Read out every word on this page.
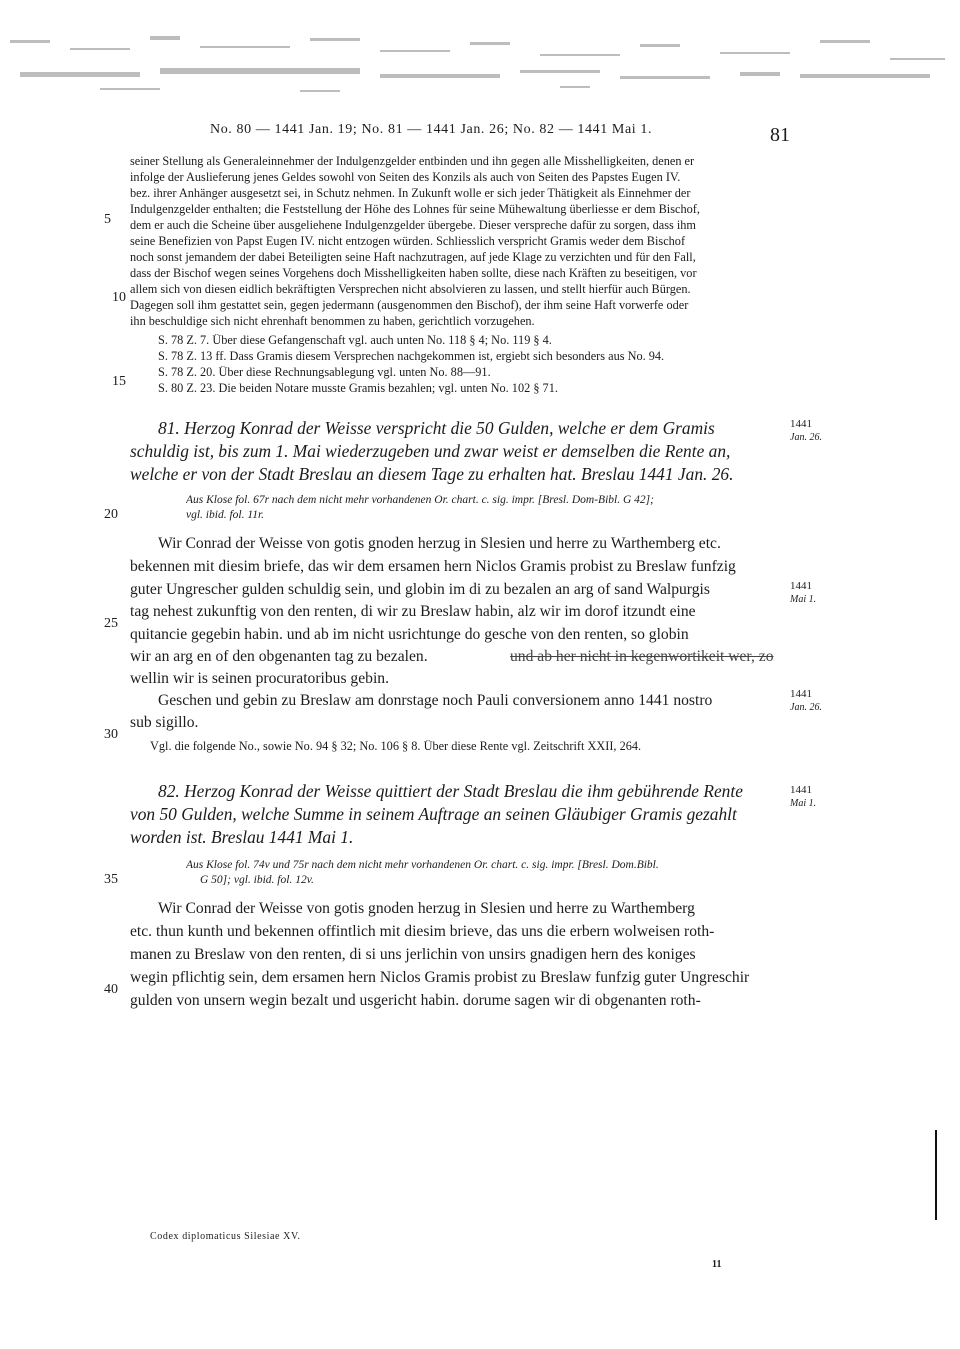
No. 80 — 1441 Jan. 19; No. 81 — 1441 Jan. 26; No. 82 — 1441 Mai 1.	81
seiner Stellung als Generaleinnehmer der Indulgenzgelder entbinden und ihn gegen alle Misshelligkeiten, denen er
infolge der Auslieferung jenes Geldes sowohl von Seiten des Konzils als auch von Seiten des Papstes Eugen IV.
bez. ihrer Anhänger ausgesetzt sei, in Schutz nehmen. In Zukunft wolle er sich jeder Thätigkeit als Einnehmer der
Indulgenzgelder enthalten; die Feststellung der Höhe des Lohnes für seine Mühewaltung überliesse er dem Bischof,
dem er auch die Scheine über ausgeliehene Indulgenzgelder übergebe. Dieser verspreche dafür zu sorgen, dass ihm
seine Benefizien von Papst Eugen IV. nicht entzogen würden. Schliesslich verspricht Gramis weder dem Bischof
noch sonst jemandem der dabei Beteiligten seine Haft nachzutragen, auf jede Klage zu verzichten und für den Fall,
dass der Bischof wegen seines Vorgehens doch Misshelligkeiten haben sollte, diese nach Kräften zu beseitigen, vor
allem sich von diesen eidlich bekräftigten Versprechen nicht absolvieren zu lassen, und stellt hierfür auch Bürgen.
Dagegen soll ihm gestattet sein, gegen jedermann (ausgenommen den Bischof), der ihm seine Haft vorwerfe oder
ihn beschuldige sich nicht ehrenhaft benommen zu haben, gerichtlich vorzugehen.
S. 78 Z. 7. Über diese Gefangenschaft vgl. auch unten No. 118 § 4; No. 119 § 4.
S. 78 Z. 13 ff. Dass Gramis diesem Versprechen nachgekommen ist, ergiebt sich besonders aus No. 94.
S. 78 Z. 20. Über diese Rechnungsablegung vgl. unten No. 88—91.
S. 80 Z. 23. Die beiden Notare musste Gramis bezahlen; vgl. unten No. 102 § 71.
81. Herzog Konrad der Weisse verspricht die 50 Gulden, welche er dem Gramis
schuldig ist, bis zum 1. Mai wiederzugeben und zwar weist er demselben die Rente an,
welche er von der Stadt Breslau an diesem Tage zu erhalten hat. Breslau 1441 Jan. 26.
Aus Klose fol. 67r nach dem nicht mehr vorhandenen Or. chart. c. sig. impr. [Bresl. Dom-Bibl. G 42];
vgl. ibid. fol. 11r.
Wir Conrad der Weisse von gotis gnoden herzug in Slesien und herre zu Warthemberg etc.
bekennen mit diesim briefe, das wir dem ersamen hern Niclos Gramis probist zu Breslaw funfzig
guter Ungrescher gulden schuldig sein, und globin im di zu bezalen an arg of sand Walpurgis
tag nehest zukunftig von den renten, di wir zu Breslaw habin, alz wir im dorof itzundt eine
quitancie gegebin habin. und ab im nicht usrichtunge do gesche von den renten, so globin
wir an arg en of den obgenanten tag zu bezalen.	und ab her nicht in kegenwortikeit wer, zo
wellin wir is seinen procuratoribus gebin.
Geschen und gebin zu Breslaw am donrstage noch Pauli conversionem anno 1441 nostro
sub sigillo.
Vgl. die folgende No., sowie No. 94 § 32; No. 106 § 8. Über diese Rente vgl. Zeitschrift XXII, 264.
82. Herzog Konrad der Weisse quittiert der Stadt Breslau die ihm gebührende Rente
von 50 Gulden, welche Summe in seinem Auftrage an seinen Gläubiger Gramis gezahlt
worden ist. Breslau 1441 Mai 1.
Aus Klose fol. 74v und 75r nach dem nicht mehr vorhandenen Or. chart. c. sig. impr. [Bresl. Dom.Bibl.
G 50]; vgl. ibid. fol. 12v.
Wir Conrad der Weisse von gotis gnoden herzug in Slesien und herre zu Warthemberg
etc. thun kunth und bekennen offintlich mit diesim brieve, das uns die erbern wolweisen roth-
manen zu Breslaw von den renten, di si uns jerlichin von unsirs gnadigen hern des koniges
wegin pflichtig sein, dem ersamen hern Niclos Gramis probist zu Breslaw funfzig guter Ungreschir
gulden von unsern wegin bezalt und usgericht habin. dorume sagen wir di obgenanten roth-
5
10
15
20
25
30
35
40
1441
Jan. 26.
1441
Mai 1.
1441
Jan. 26.
1441
Mai 1.
Codex diplomaticus Silesiae XV.
11
